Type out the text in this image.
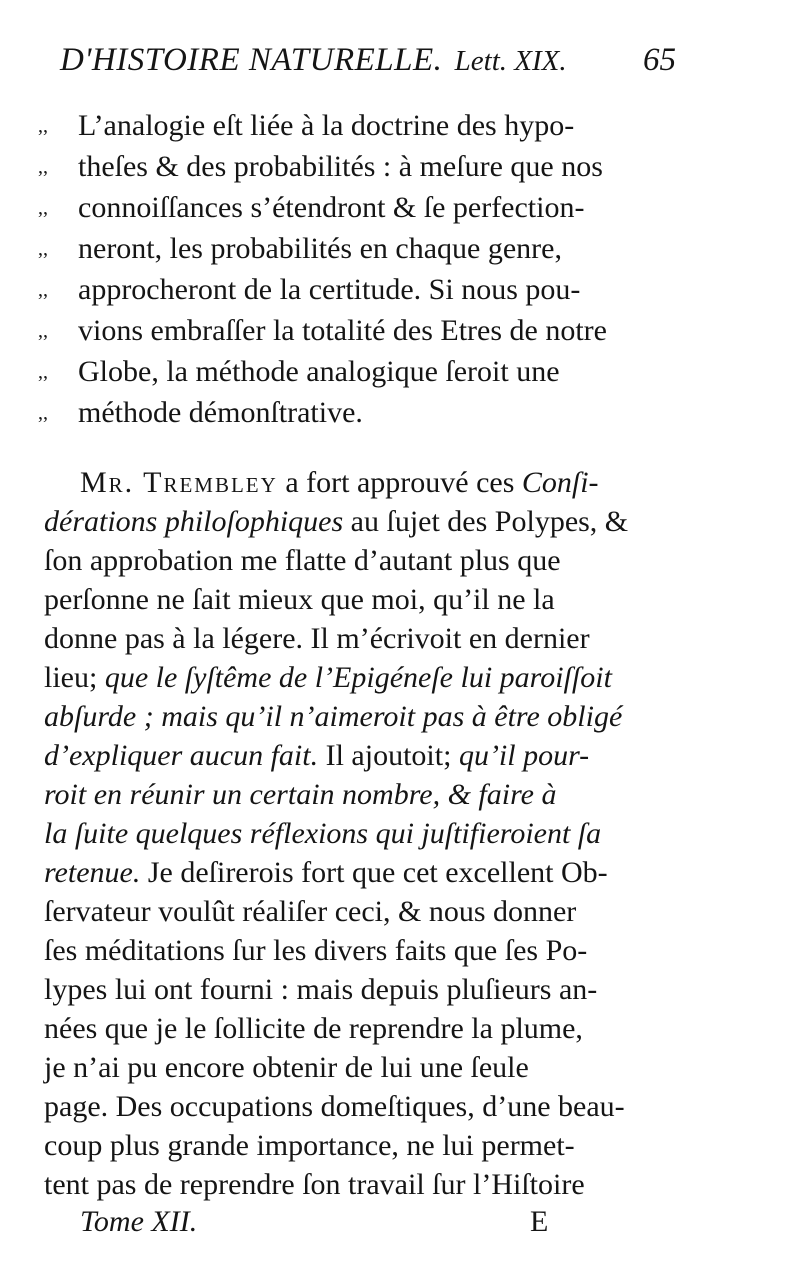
D'HISTOIRE NATURELLE. Lett. XIX. 65
,, L’analogie eſt liée à la doctrine des hypo-
,, theſes & des probabilités : à meſure que nos
,, connoiſſances s’étendront & ſe perfection-
,, neront, les probabilités en chaque genre,
,, approcheront de la certitude. Si nous pou-
,, vions embraſſer la totalité des Etres de notre
,, Globe, la méthode analogique ſeroit une
,, méthode démonſtrative.
Mr. Trembley a fort approuvé ces Conſi-
dérations philoſophiques au ſujet des Polypes, &
ſon approbation me flatte d’autant plus que
perſonne ne ſait mieux que moi, qu’il ne la
donne pas à la légere. Il m’écrivoit en dernier
lieu; que le ſyſtême de l’Epigéneſe lui paroiſſoit
abſurde ; mais qu’il n’aimeroit pas à être obligé
d’expliquer aucun fait. Il ajoutoit; qu’il pour-
roit en réunir un certain nombre, & faire à
la ſuite quelques réflexions qui juſtifieroient ſa
retenue. Je deſirerois fort que cet excellent Ob-
ſervateur voulût réaliſer ceci, & nous donner
ſes méditations ſur les divers faits que ſes Po-
lypes lui ont fourni : mais depuis pluſieurs an-
nées que je le ſollicite de reprendre la plume,
je n’ai pu encore obtenir de lui une ſeule
page. Des occupations domeſtiques, d’une beau-
coup plus grande importance, ne lui permet-
tent pas de reprendre ſon travail ſur l’Hiſtoire
Tome XII.	E
